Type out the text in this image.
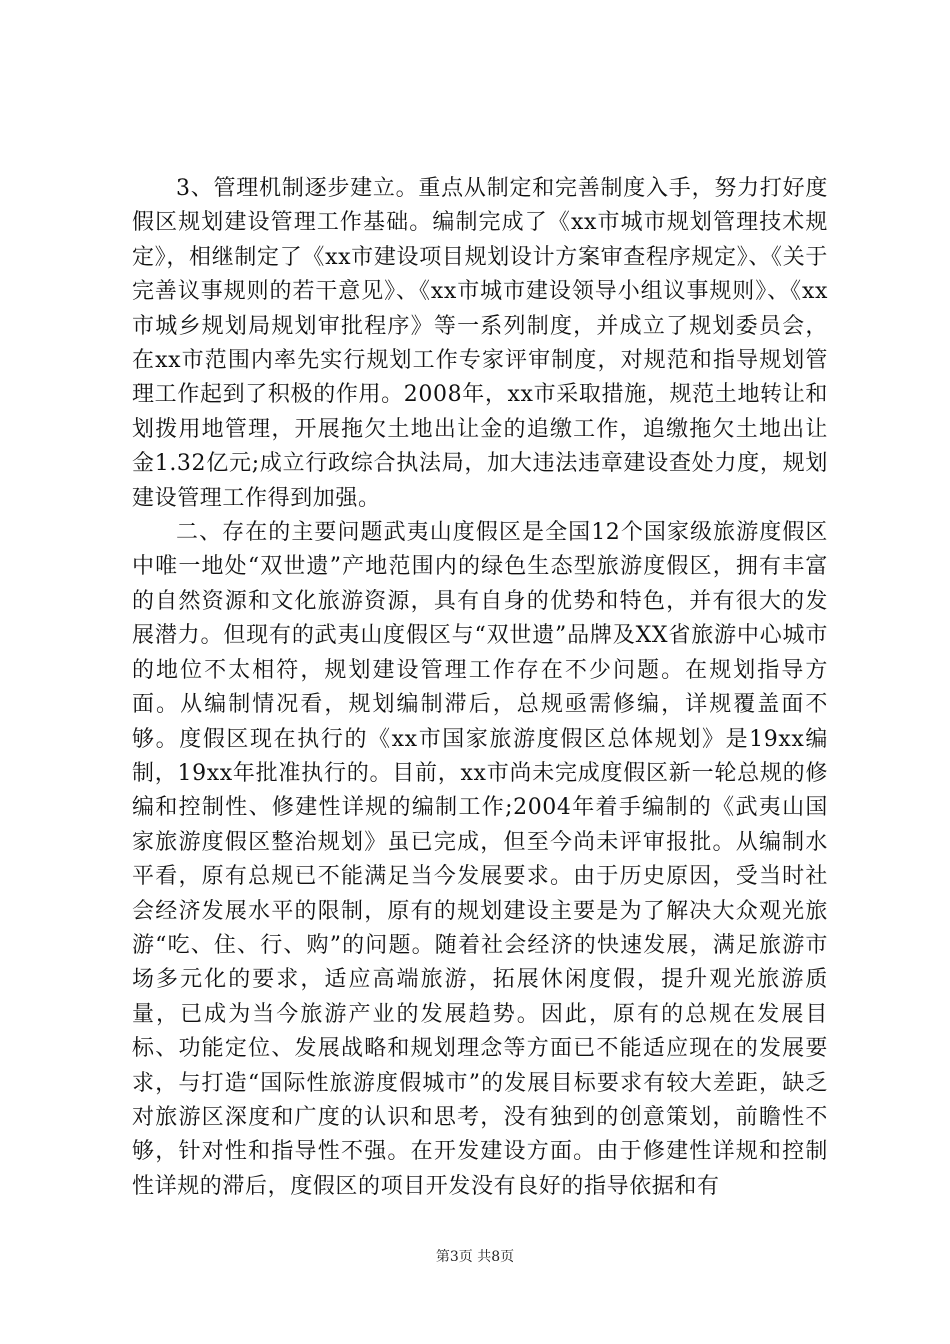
3、管理机制逐步建立。重点从制定和完善制度入手，努力打好度假区规划建设管理工作基础。编制完成了《xx市城市规划管理技术规定》，相继制定了《xx市建设项目规划设计方案审查程序规定》、《关于完善议事规则的若干意见》、《xx市城市建设领导小组议事规则》、《xx市城乡规划局规划审批程序》等一系列制度，并成立了规划委员会，在xx市范围内率先实行规划工作专家评审制度，对规范和指导规划管理工作起到了积极的作用。2008年，xx市采取措施，规范土地转让和划拨用地管理，开展拖欠土地出让金的追缴工作，追缴拖欠土地出让金1.32亿元;成立行政综合执法局，加大违法违章建设查处力度，规划建设管理工作得到加强。

二、存在的主要问题武夷山度假区是全国12个国家级旅游度假区中唯一地处“双世遗”产地范围内的绿色生态型旅游度假区，拥有丰富的自然资源和文化旅游资源，具有自身的优势和特色，并有很大的发展潜力。但现有的武夷山度假区与“双世遗”品牌及XX省旅游中心城市的地位不太相符，规划建设管理工作存在不少问题。在规划指导方面。从编制情况看，规划编制滞后，总规亟需修编，详规覆盖面不够。度假区现在执行的《xx市国家旅游度假区总体规划》是19xx编制，19xx年批准执行的。目前，xx市尚未完成度假区新一轮总规的修编和控制性、修建性详规的编制工作;2004年着手编制的《武夷山国家旅游度假区整治规划》虽已完成，但至今尚未评审报批。从编制水平看，原有总规已不能满足当今发展要求。由于历史原因，受当时社会经济发展水平的限制，原有的规划建设主要是为了解决大众观光旅游“吃、住、行、购”的问题。随着社会经济的快速发展，满足旅游市场多元化的要求，适应高端旅游，拓展休闲度假，提升观光旅游质量，已成为当今旅游产业的发展趋势。因此，原有的总规在发展目标、功能定位、发展战略和规划理念等方面已不能适应现在的发展要求，与打造“国际性旅游度假城市”的发展目标要求有较大差距，缺乏对旅游区深度和广度的认识和思考，没有独到的创意策划，前瞻性不够，针对性和指导性不强。在开发建设方面。由于修建性详规和控制性详规的滞后，度假区的项目开发没有良好的指导依据和有

第3页 共8页
